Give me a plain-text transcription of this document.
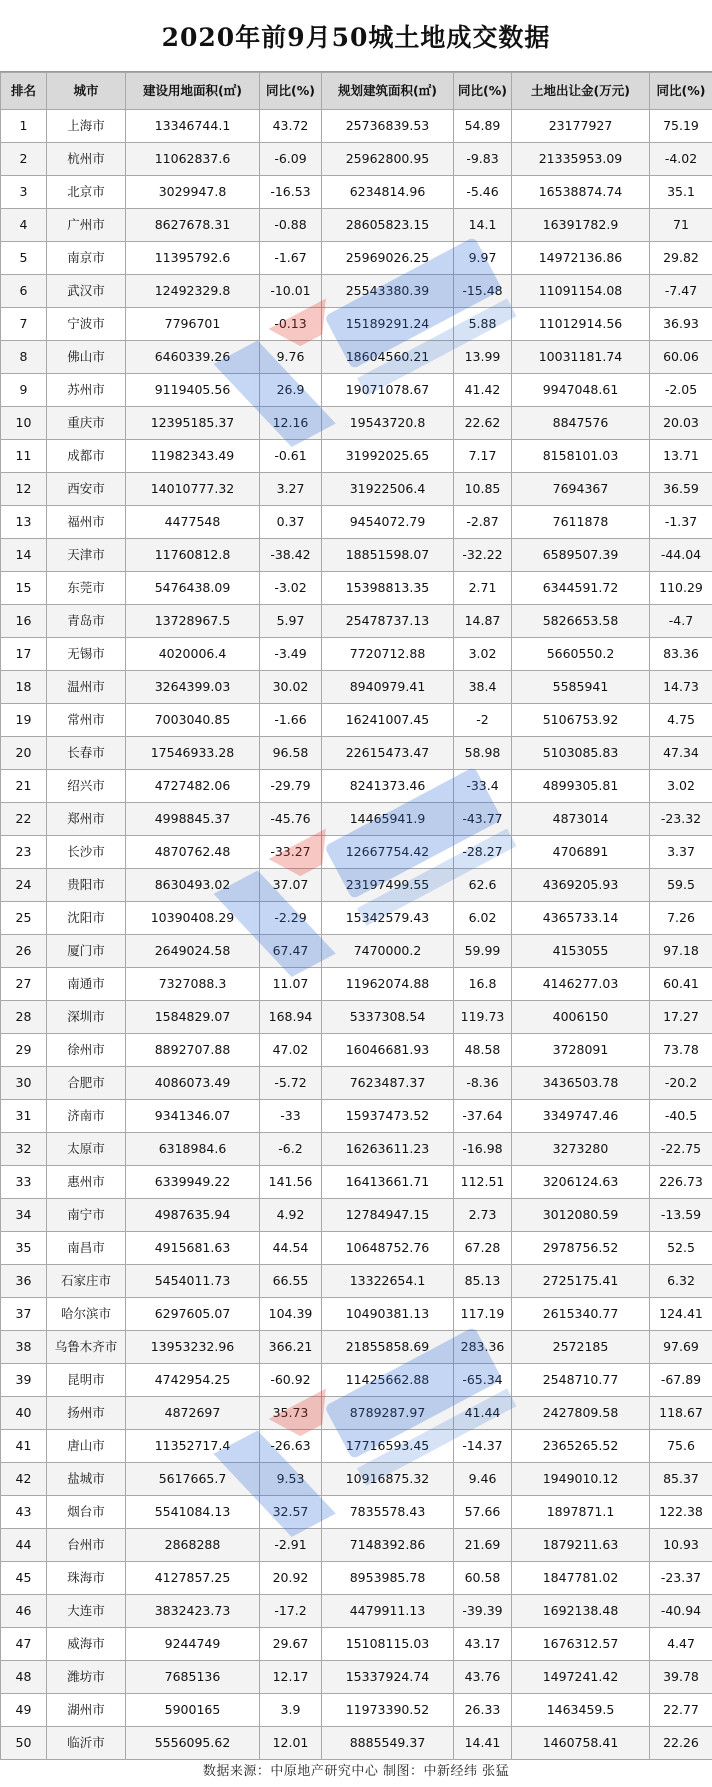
2020年前9月50城土地成交数据
排名	城市	建设用地面积(㎡)	同比(%)	规划建筑面积(㎡)	同比(%)	土地出让金(万元)	同比(%)
1	上海市	13346744.1	43.72	25736839.53	54.89	23177927	75.19
2	杭州市	11062837.6	-6.09	25962800.95	-9.83	21335953.09	-4.02
3	北京市	3029947.8	-16.53	6234814.96	-5.46	16538874.74	35.1
4	广州市	8627678.31	-0.88	28605823.15	14.1	16391782.9	71
5	南京市	11395792.6	-1.67	25969026.25	9.97	14972136.86	29.82
6	武汉市	12492329.8	-10.01	25543380.39	-15.48	11091154.08	-7.47
7	宁波市	7796701	-0.13	15189291.24	5.88	11012914.56	36.93
8	佛山市	6460339.26	9.76	18604560.21	13.99	10031181.74	60.06
9	苏州市	9119405.56	26.9	19071078.67	41.42	9947048.61	-2.05
10	重庆市	12395185.37	12.16	19543720.8	22.62	8847576	20.03
11	成都市	11982343.49	-0.61	31992025.65	7.17	8158101.03	13.71
12	西安市	14010777.32	3.27	31922506.4	10.85	7694367	36.59
13	福州市	4477548	0.37	9454072.79	-2.87	7611878	-1.37
14	天津市	11760812.8	-38.42	18851598.07	-32.22	6589507.39	-44.04
15	东莞市	5476438.09	-3.02	15398813.35	2.71	6344591.72	110.29
16	青岛市	13728967.5	5.97	25478737.13	14.87	5826653.58	-4.7
17	无锡市	4020006.4	-3.49	7720712.88	3.02	5660550.2	83.36
18	温州市	3264399.03	30.02	8940979.41	38.4	5585941	14.73
19	常州市	7003040.85	-1.66	16241007.45	-2	5106753.92	4.75
20	长春市	17546933.28	96.58	22615473.47	58.98	5103085.83	47.34
21	绍兴市	4727482.06	-29.79	8241373.46	-33.4	4899305.81	3.02
22	郑州市	4998845.37	-45.76	14465941.9	-43.77	4873014	-23.32
23	长沙市	4870762.48	-33.27	12667754.42	-28.27	4706891	3.37
24	贵阳市	8630493.02	37.07	23197499.55	62.6	4369205.93	59.5
25	沈阳市	10390408.29	-2.29	15342579.43	6.02	4365733.14	7.26
26	厦门市	2649024.58	67.47	7470000.2	59.99	4153055	97.18
27	南通市	7327088.3	11.07	11962074.88	16.8	4146277.03	60.41
28	深圳市	1584829.07	168.94	5337308.54	119.73	4006150	17.27
29	徐州市	8892707.88	47.02	16046681.93	48.58	3728091	73.78
30	合肥市	4086073.49	-5.72	7623487.37	-8.36	3436503.78	-20.2
31	济南市	9341346.07	-33	15937473.52	-37.64	3349747.46	-40.5
32	太原市	6318984.6	-6.2	16263611.23	-16.98	3273280	-22.75
33	惠州市	6339949.22	141.56	16413661.71	112.51	3206124.63	226.73
34	南宁市	4987635.94	4.92	12784947.15	2.73	3012080.59	-13.59
35	南昌市	4915681.63	44.54	10648752.76	67.28	2978756.52	52.5
36	石家庄市	5454011.73	66.55	13322654.1	85.13	2725175.41	6.32
37	哈尔滨市	6297605.07	104.39	10490381.13	117.19	2615340.77	124.41
38	乌鲁木齐市	13953232.96	366.21	21855858.69	283.36	2572185	97.69
39	昆明市	4742954.25	-60.92	11425662.88	-65.34	2548710.77	-67.89
40	扬州市	4872697	35.73	8789287.97	41.44	2427809.58	118.67
41	唐山市	11352717.4	-26.63	17716593.45	-14.37	2365265.52	75.6
42	盐城市	5617665.7	9.53	10916875.32	9.46	1949010.12	85.37
43	烟台市	5541084.13	32.57	7835578.43	57.66	1897871.1	122.38
44	台州市	2868288	-2.91	7148392.86	21.69	1879211.63	10.93
45	珠海市	4127857.25	20.92	8953985.78	60.58	1847781.02	-23.37
46	大连市	3832423.73	-17.2	4479911.13	-39.39	1692138.48	-40.94
47	威海市	9244749	29.67	15108115.03	43.17	1676312.57	4.47
48	潍坊市	7685136	12.17	15337924.74	43.76	1497241.42	39.78
49	湖州市	5900165	3.9	11973390.52	26.33	1463459.5	22.77
50	临沂市	5556095.62	12.01	8885549.37	14.41	1460758.41	22.26
数据来源：中原地产研究中心 制图：中新经纬 张猛
